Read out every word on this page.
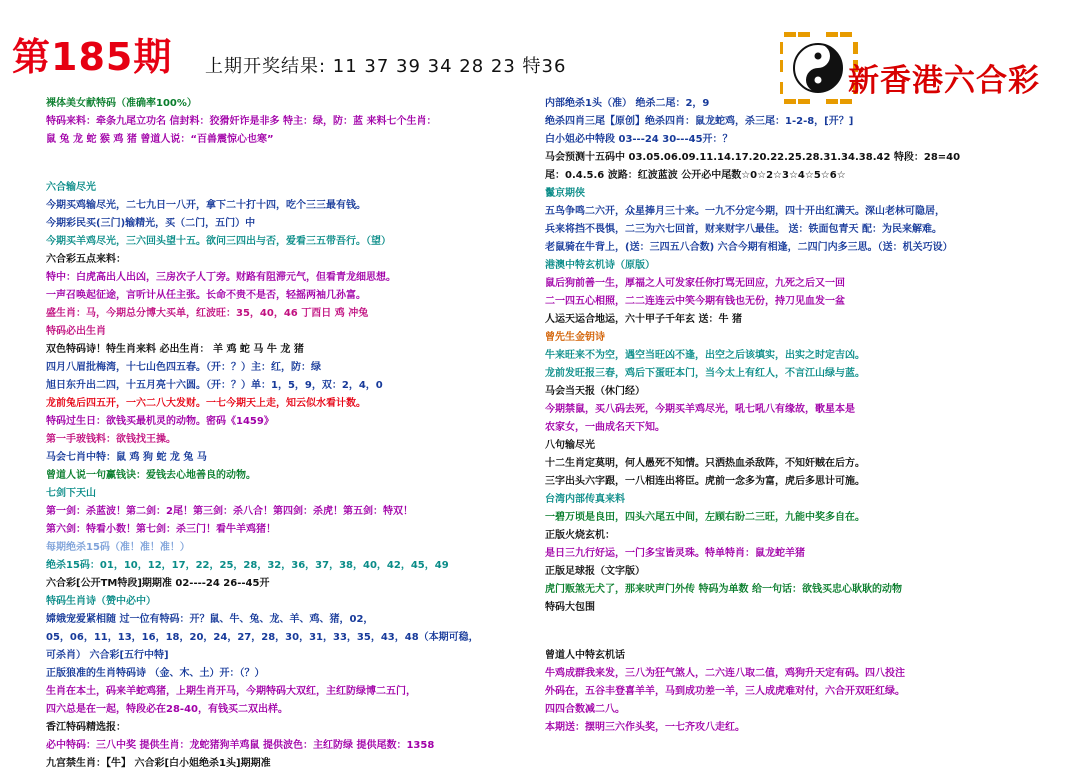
第185期 上期开奖结果: 11 37 39 34 28 23 特36	新香港六合彩
裸体美女献特码（准确率100%）
特码来料：牵条九尾立功名 信封料：狡猾奸诈是非多 特主：绿，防：蓝 来料七个生肖：
鼠 兔 龙 蛇 猴 鸡 猪 曾道人说：“百兽震惊心也寒”
六合输尽光
今期买鸡输尽光，二七九日一八开，拿下二十打十四，吃个三三最有钱。
今期彩民买(三门)输精光，买（二门，五门）中
今期买羊鸡尽光，三六回头望十五。欲问三四出与否，爱看三五带吾行。（望）
六合彩五点来料：
特中：白虎高出人出凶，三房次子人丁旁。财路有阻滞元气，但看青龙细思想。
一声召唤起征途，言听计从任主张。长命不贵不是否，轻摇两袖几孙富。
盛生肖：马，今期总分博大买单，红波旺：35，40，46 丁酉日 鸡 冲兔
特码必出生肖
双色特码诗！特生肖来料 必出生肖： 羊 鸡 蛇 马 牛 龙 猪
四月八眉批梅湾，十七山色四五春。（开：？）主：红，防：绿
旭日东升出二四，十五月亮十六圆。（开：？）单：1，5，9，双：2，4，0
龙前兔后四五开，一六二八大发财。一七今期天上走，知云似水看计数。
特码过生日：欲钱买最机灵的动物。密码《1459》
第一手玻钱料：欲钱找王操。
马会七肖中特：鼠 鸡 狗 蛇 龙 兔 马
曾道人说一句赢钱诀：爱钱去心地善良的动物。
七剑下天山
第一剑：杀蓝波！第二剑：2尾！第三剑：杀八合！第四剑：杀虎！第五剑：特双！
第六剑：特看小数！第七剑：杀三门！看牛羊鸡猪！
每期绝杀15码（准！准！准！）
绝杀15码：01，10，12，17，22，25，28，32，36，37，38，40，42，45，49
六合彩[公开TM特段]期期准 02----24 26--45开
特码生肖诗（赞中必中）
嫦娥宠爱紧相随 过一位有特码：开？鼠、牛、兔、龙、羊、鸡、猪，02，
05，06，11，13，16，18，20，24，27，28，30，31，33，35，43，48（本期可稳，
可杀肖） 六合彩[五行中特]
正版狼准的生肖特码诗 （金、木、土）开：（？）
生肖在本土，码来羊蛇鸡猪，上期生肖开马，今期特码大双红，主红防绿博二五门，
四六总是在一起，特段必在28-40，有钱买二双出样。
香江特码精选报：
必中特码：三八中奖 提供生肖：龙蛇猪狗羊鸡鼠 提供波色：主红防绿 提供尾数：1358
九宫禁生肖：【牛】 六合彩[白小姐绝杀1头]期期准
内部绝杀1头（准） 绝杀二尾：2，9
绝杀四肖三尾【原创】绝杀四肖：鼠龙蛇鸡，杀三尾：1-2-8，[开？]
白小姐必中特段 03---24 30---45开：？
马会预测十五码中 03.05.06.09.11.14.17.20.22.25.28.31.34.38.42 特段：28=40
尾：0.4.5.6 波路：红波蓝波 公开必中尾数☆0☆2☆3☆4☆5☆6☆
鬣京期侠
五鸟争鸣二六开，众星捧月三十来。一九不分定今期，四十开出红满天。深山老林可隐居，
兵来将挡不畏惧，二三为六七回首，财来财字八最佳。 送：铁面包青天 配：为民来解难。
老鼠骑在牛背上，(送：三四五八合数) 六合今期有相逢，二四门内多三思。（送：机关巧设）
港澳中特玄机诗（原版）
鼠后狗前善一生，厚福之人可发家任你打骂无回应，九死之后又一回
二一四五心相照，二二连连云中笑今期有钱也无份，持刀见血发一盆
人运天运合地运，六十甲子千年玄 送：牛 猪
曾先生金钥诗
牛来旺来不为空，遇空当旺凶不逢，出空之后该填实，出实之时定吉凶。
龙前发旺报三春，鸡后下蛋旺本门，当今太上有红人，不言江山绿与蓝。
马会当天报（休门经）
今期禁鼠，买八码去死，今期买羊鸡尽光，吼七吼八有缘故，歌星本是
农家女，一曲成名天下知。
八句输尽光
十二生肖定莫明，何人愚死不知情。只洒热血杀敌阵，不知奸贼在后方。
三字出头六字跟，一八相连出将臣。虎前一念多为富，虎后多思计可施。
台湾内部传真来料
一碧万顷是良田，四头六尾五中间，左顾右盼二三旺，九能中奖多自在。
正版火烧玄机：
是日三九行好运，一门多宝皆灵珠。特单特肖：鼠龙蛇羊猪
正版足球报（文字版）
虎门贩煞无犬了，那来吠声门外传 特码为单数 给一句话：欲钱买忠心耿耿的动物
特码大包围
曾道人中特玄机话
牛鸡成群我来发，三八为狂气煞人，二六连八取二值，鸡狗升天定有码。四八投注
外码在，五谷丰登喜羊羊，马到成功差一羊，三人成虎难对付，六合开双旺红绿。
四四合数减二八。
本期送：摆明三六作头奖，一七齐攻八走红。
